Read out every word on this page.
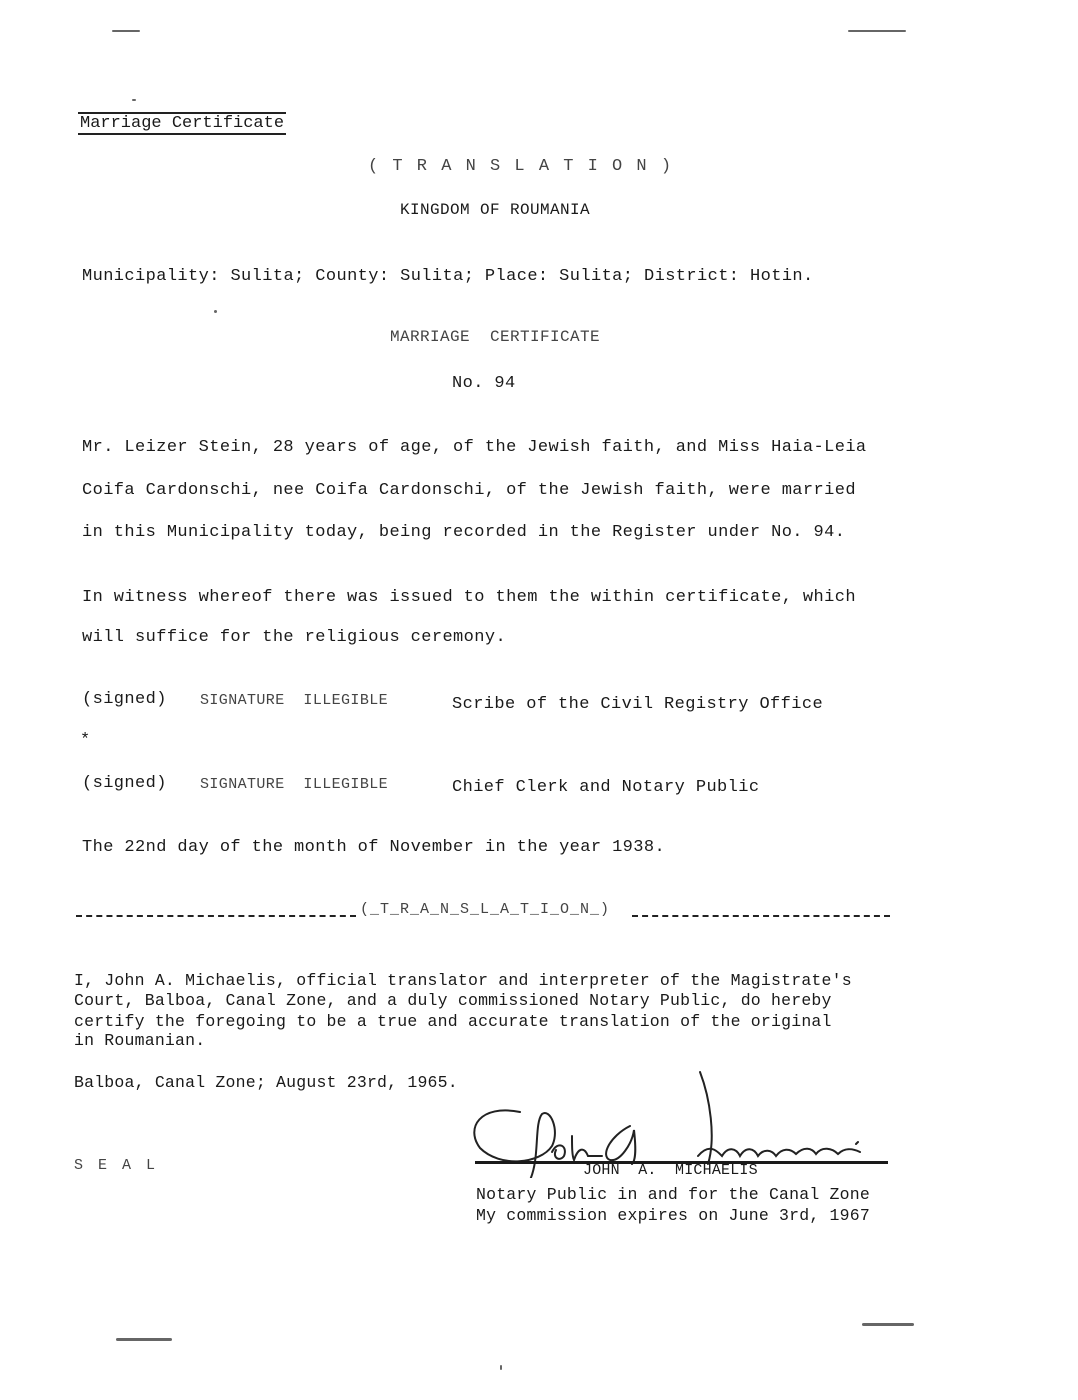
Marriage Certificate
( T R A N S L A T I O N )
KINGDOM OF ROUMANIA
Municipality: Sulita; County: Sulita; Place: Sulita; District: Hotin.
MARRIAGE  CERTIFICATE
No. 94
Mr. Leizer Stein, 28 years of age, of the Jewish faith, and Miss Haia-Leia
Coifa Cardonschi, nee Coifa Cardonschi, of the Jewish faith, were married
in this Municipality today, being recorded in the Register under No. 94.
In witness whereof there was issued to them the within certificate, which
will suffice for the religious ceremony.
(signed) SIGNATURE  ILLEGIBLE	Scribe of the Civil Registry Office
*
(signed) SIGNATURE  ILLEGIBLE	Chief Clerk and Notary Public
The 22nd day of the month of November in the year 1938.
(_T_R_A_N_S_L_A_T_I_O_N_)
I, John A. Michaelis, official translator and interpreter of the Magistrate's
Court, Balboa, Canal Zone, and a duly commissioned Notary Public, do hereby
certify the foregoing to be a true and accurate translation of the original
in Roumanian.
Balboa, Canal Zone; August 23rd, 1965.
S E A L	JOHN  A.  MICHAELIS
Notary Public in and for the Canal Zone
My commission expires on June 3rd, 1967
